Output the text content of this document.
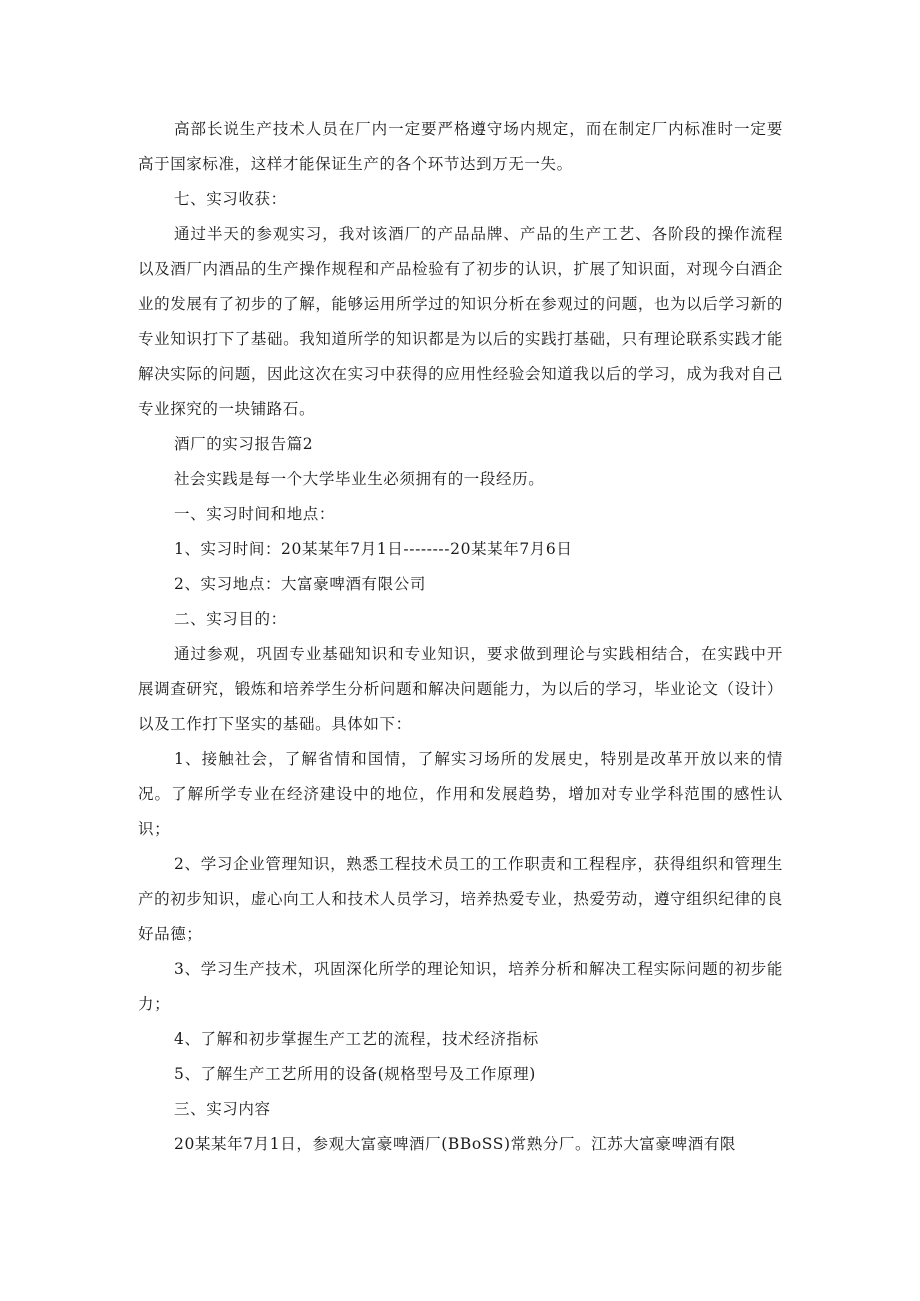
高部长说生产技术人员在厂内一定要严格遵守场内规定，而在制定厂内标准时一定要高于国家标准，这样才能保证生产的各个环节达到万无一失。

七、实习收获：

通过半天的参观实习，我对该酒厂的产品品牌、产品的生产工艺、各阶段的操作流程以及酒厂内酒品的生产操作规程和产品检验有了初步的认识，扩展了知识面，对现今白酒企业的发展有了初步的了解，能够运用所学过的知识分析在参观过的问题，也为以后学习新的专业知识打下了基础。我知道所学的知识都是为以后的实践打基础，只有理论联系实践才能解决实际的问题，因此这次在实习中获得的应用性经验会知道我以后的学习，成为我对自己专业探究的一块铺路石。

酒厂的实习报告篇2

社会实践是每一个大学毕业生必须拥有的一段经历。

一、实习时间和地点：

1、实习时间：20某某年7月1日--------20某某年7月6日

2、实习地点：大富豪啤酒有限公司

二、实习目的：

通过参观，巩固专业基础知识和专业知识，要求做到理论与实践相结合，在实践中开展调查研究，锻炼和培养学生分析问题和解决问题能力，为以后的学习，毕业论文（设计）以及工作打下坚实的基础。具体如下：

1、接触社会，了解省情和国情，了解实习场所的发展史，特别是改革开放以来的情况。了解所学专业在经济建设中的地位，作用和发展趋势，增加对专业学科范围的感性认识；

2、学习企业管理知识，熟悉工程技术员工的工作职责和工程程序，获得组织和管理生产的初步知识，虚心向工人和技术人员学习，培养热爱专业，热爱劳动，遵守组织纪律的良好品德；

3、学习生产技术，巩固深化所学的理论知识，培养分析和解决工程实际问题的初步能力；

4、了解和初步掌握生产工艺的流程，技术经济指标

5、了解生产工艺所用的设备(规格型号及工作原理)

三、实习内容

20某某年7月1日，参观大富豪啤酒厂(BBoSS)常熟分厂。江苏大富豪啤酒有限
